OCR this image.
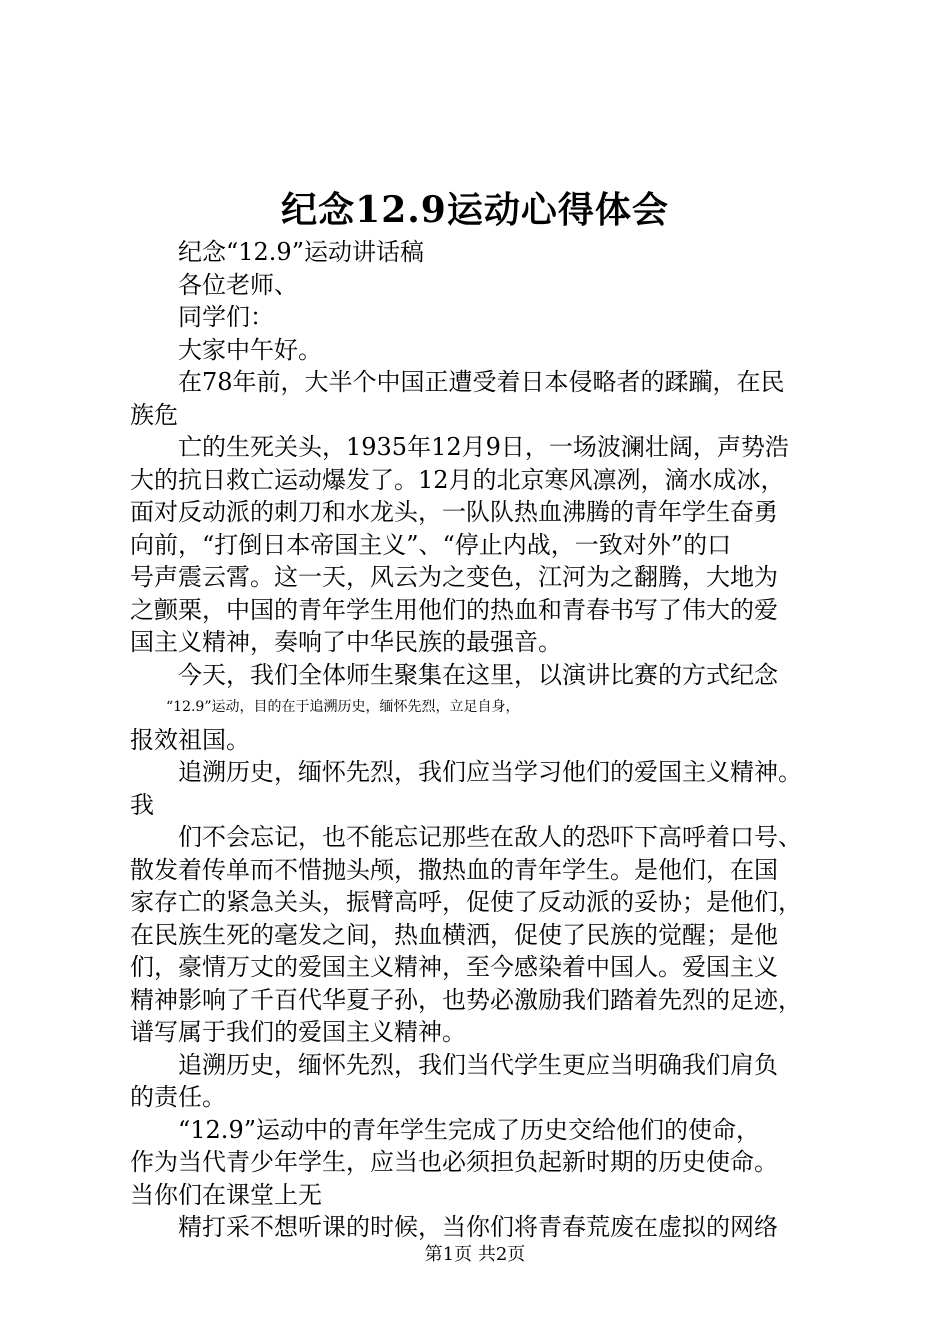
纪念12.9运动心得体会
纪念“12.9”运动讲话稿
各位老师、
同学们：
大家中午好。
在78年前，大半个中国正遭受着日本侵略者的蹂躏，在民
族危
亡的生死关头，1935年12月9日，一场波澜壮阔，声势浩
大的抗日救亡运动爆发了。12月的北京寒风凛冽，滴水成冰，
面对反动派的刺刀和水龙头，一队队热血沸腾的青年学生奋勇
向前，“打倒日本帝国主义”、“停止内战，一致对外”的口
号声震云霄。这一天，风云为之变色，江河为之翻腾，大地为
之颤栗，中国的青年学生用他们的热血和青春书写了伟大的爱
国主义精神，奏响了中华民族的最强音。
今天，我们全体师生聚集在这里，以演讲比赛的方式纪念
“12.9”运动，目的在于追溯历史，缅怀先烈，立足自身，
报效祖国。
追溯历史，缅怀先烈，我们应当学习他们的爱国主义精神。
我
们不会忘记，也不能忘记那些在敌人的恐吓下高呼着口号、
散发着传单而不惜抛头颅，撒热血的青年学生。是他们，在国
家存亡的紧急关头，振臂高呼，促使了反动派的妥协；是他们，
在民族生死的毫发之间，热血横洒，促使了民族的觉醒；是他
们，豪情万丈的爱国主义精神，至今感染着中国人。爱国主义
精神影响了千百代华夏子孙，也势必激励我们踏着先烈的足迹，
谱写属于我们的爱国主义精神。
追溯历史，缅怀先烈，我们当代学生更应当明确我们肩负
的责任。
“12.9”运动中的青年学生完成了历史交给他们的使命，
作为当代青少年学生，应当也必须担负起新时期的历史使命。
当你们在课堂上无
精打采不想听课的时候，当你们将青春荒废在虚拟的网络
第1页 共2页
